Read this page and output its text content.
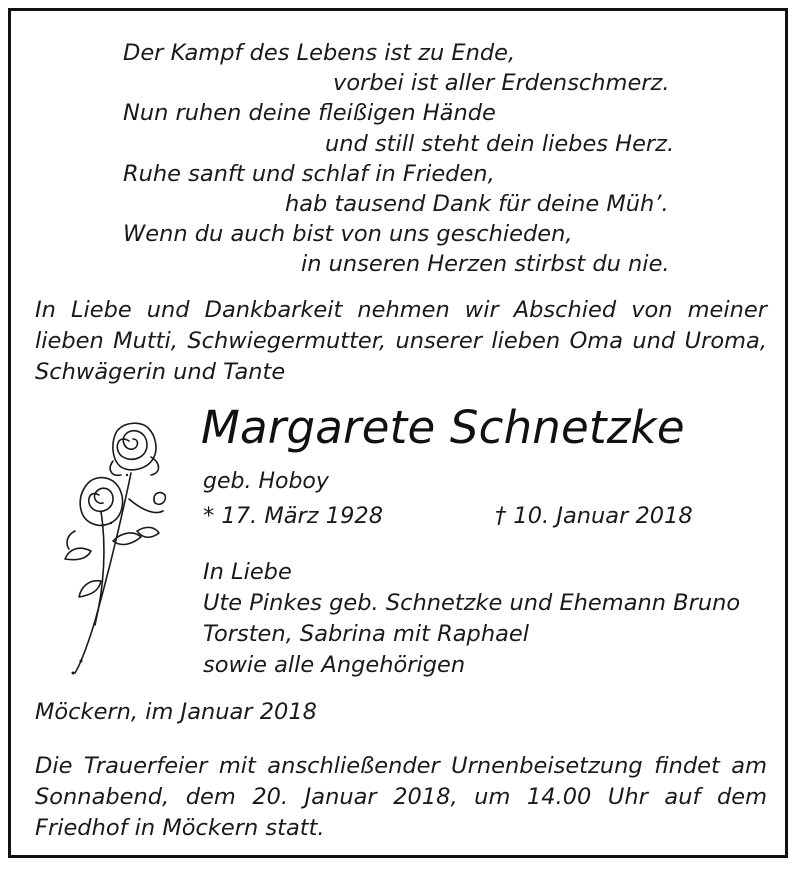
Der Kampf des Lebens ist zu Ende,

vorbei ist aller Erdenschmerz.

Nun ruhen deine fleißigen Hände

und still steht dein liebes Herz.

Ruhe sanft und schlaf in Frieden,

hab tausend Dank für deine Müh’.

Wenn du auch bist von uns geschieden,

in unseren Herzen stirbst du nie.

In Liebe und Dankbarkeit nehmen wir Abschied von meiner lieben Mutti, Schwiegermutter, unserer lieben Oma und Uroma, Schwägerin und Tante

Margarete Schnetzke

geb. Hoboy

* 17. März 1928	† 10. Januar 2018

In Liebe

Ute Pinkes geb. Schnetzke und Ehemann Bruno

Torsten, Sabrina mit Raphael

sowie alle Angehörigen

Möckern, im Januar 2018

Die Trauerfeier mit anschließender Urnenbeisetzung findet am Sonnabend, dem 20. Januar 2018, um 14.00 Uhr auf dem Friedhof in Möckern statt.
